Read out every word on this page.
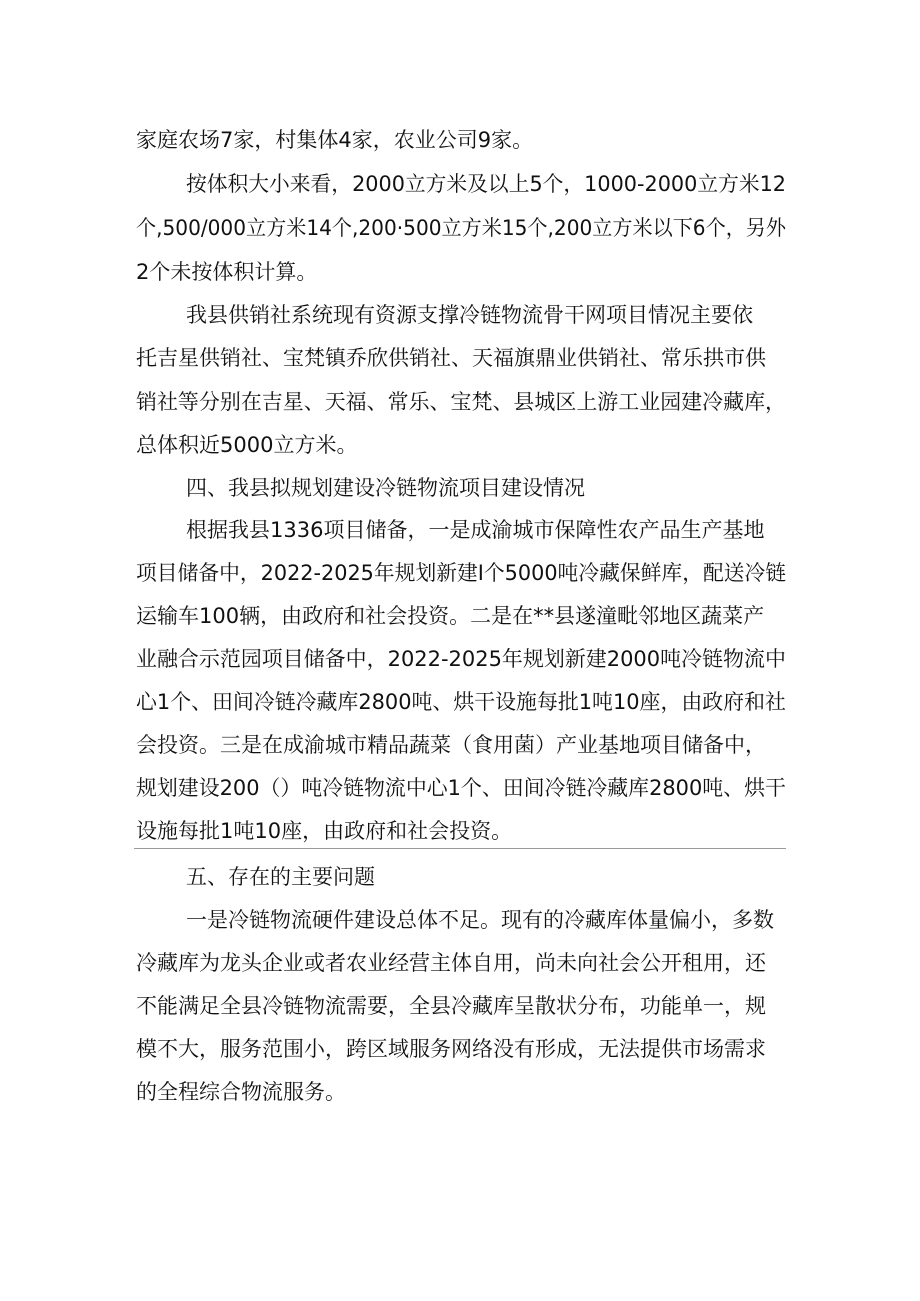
家庭农场7家，村集体4家，农业公司9家。
按体积大小来看，2000立方米及以上5个，1000-2000立方米12
个,500/000立方米14个,200·500立方米15个,200立方米以下6个，另外
2个未按体积计算。
我县供销社系统现有资源支撑冷链物流骨干网项目情况主要依
托吉星供销社、宝梵镇乔欣供销社、天福旗鼎业供销社、常乐拱市供
销社等分别在吉星、天福、常乐、宝梵、县城区上游工业园建冷藏库，
总体积近5000立方米。
四、我县拟规划建设冷链物流项目建设情况
根据我县1336项目储备，一是成渝城市保障性农产品生产基地
项目储备中，2022-2025年规划新建I个5000吨冷藏保鲜库，配送冷链
运输车100辆，由政府和社会投资。二是在**县遂潼毗邻地区蔬菜产
业融合示范园项目储备中，2022-2025年规划新建2000吨冷链物流中
心1个、田间冷链冷藏库2800吨、烘干设施每批1吨10座，由政府和社
会投资。三是在成渝城市精品蔬菜（食用菌）产业基地项目储备中，
规划建设200（）吨冷链物流中心1个、田间冷链冷藏库2800吨、烘干
设施每批1吨10座，由政府和社会投资。
五、存在的主要问题
一是冷链物流硬件建设总体不足。现有的冷藏库体量偏小，多数
冷藏库为龙头企业或者农业经营主体自用，尚未向社会公开租用，还
不能满足全县冷链物流需要，全县冷藏库呈散状分布，功能单一，规
模不大，服务范围小，跨区域服务网络没有形成，无法提供市场需求
的全程综合物流服务。
